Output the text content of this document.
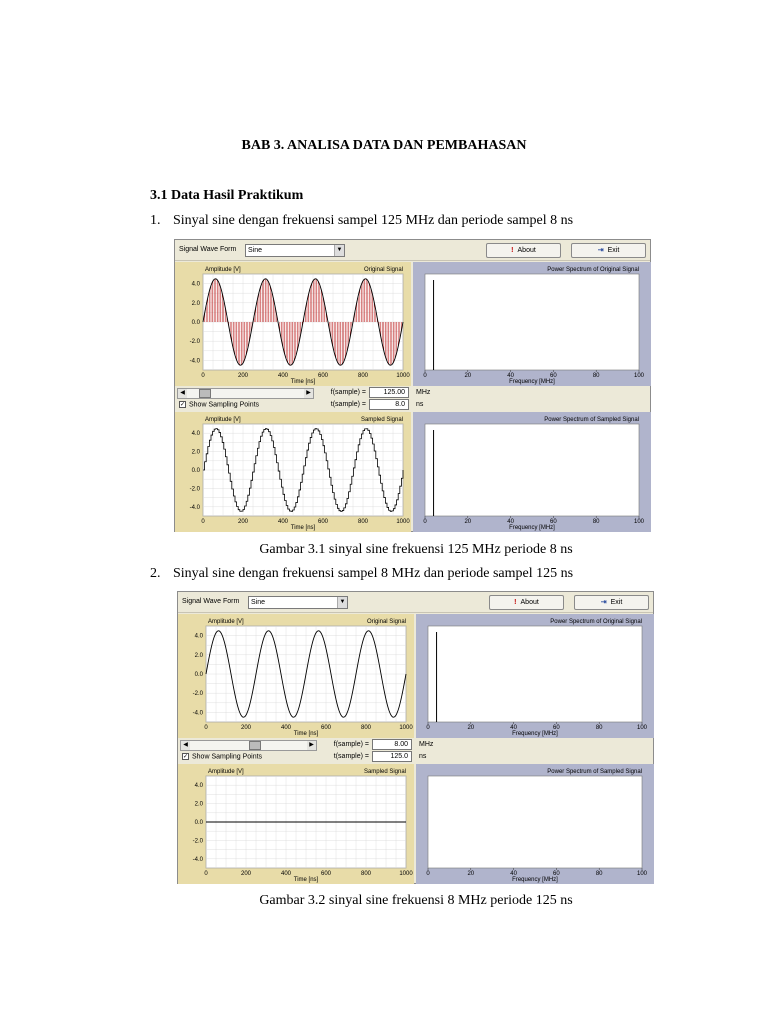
BAB 3. ANALISA DATA DAN PEMBAHASAN
3.1 Data Hasil Praktikum
1. Sinyal sine dengan frekuensi sampel 125 MHz dan periode sampel 8 ns
Signal Wave Form	Sine	▼	! About	⇥ Exit
0	200	400	600	800	1000
4.0
2.0
0.0
-2.0
-4.0
Amplitude [V]	Original Signal
Time [ns]
0	20	40	60	80	100
Power Spectrum of Original Signal
Frequency [MHz]
◀	▶
✓ Show Sampling Points
f(sample) =	125.00	MHz
t(sample) =	8.0	ns
0	200	400	600	800	1000
4.0
2.0
0.0
-2.0
-4.0
Amplitude [V]	Sampled Signal
Time [ns]
0	20	40	60	80	100
Power Spectrum of Sampled Signal
Frequency [MHz]
Gambar 3.1 sinyal sine frekuensi 125 MHz periode 8 ns
2. Sinyal sine dengan frekuensi sampel 8 MHz dan periode sampel 125 ns
Signal Wave Form	Sine	▼	! About	⇥ Exit
0	200	400	600	800	1000
4.0
2.0
0.0
-2.0
-4.0
Amplitude [V]	Original Signal
Time [ns]
0	20	40	60	80	100
Power Spectrum of Original Signal
Frequency [MHz]
◀	▶
✓ Show Sampling Points
f(sample) =	8.00	MHz
t(sample) =	125.0	ns
0	200	400	600	800	1000
4.0
2.0
0.0
-2.0
-4.0
Amplitude [V]	Sampled Signal
Time [ns]
0	20	40	60	80	100
Power Spectrum of Sampled Signal
Frequency [MHz]
Gambar 3.2 sinyal sine frekuensi 8 MHz periode 125 ns
